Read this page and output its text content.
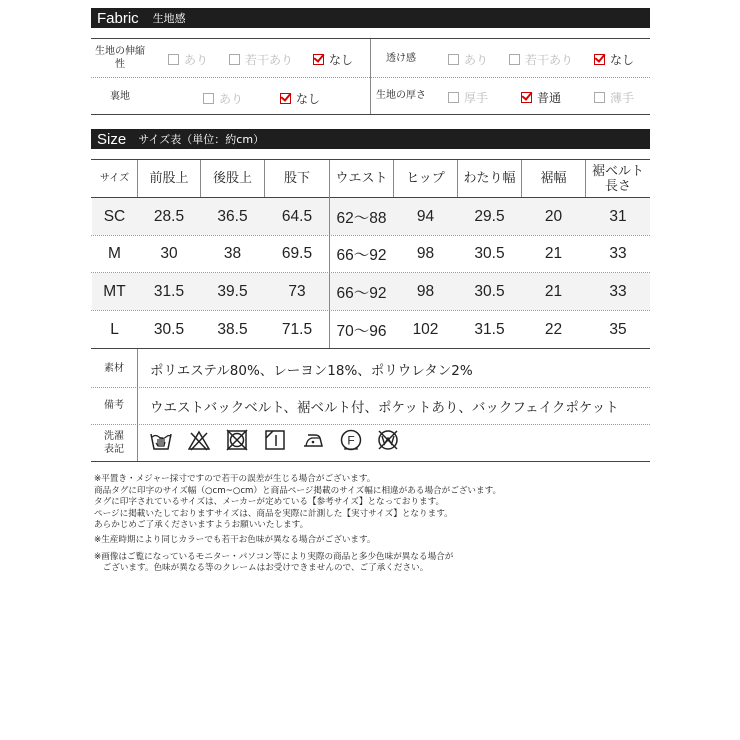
Fabric 生地感
生地の伸縮性	あり	若干あり	なし	透け感	あり	若干あり	なし
裏地	あり	なし	生地の厚さ	厚手	普通	薄手
Size サイズ表（単位：約cm）
サイズ	前股上	後股上	股下	ウエスト	ヒップ	わたり幅	裾幅	裾ベルト
長さ
SC	28.5	36.5	64.5	62～88	94	29.5	20	31
M	30	38	69.5	66～92	98	30.5	21	33
MT	31.5	39.5	73	66～92	98	30.5	21	33
L	30.5	38.5	71.5	70～96	102	31.5	22	35
素材	ポリエステル80%、レーヨン18%、ポリウレタン2%
備考	ウエストバックベルト、裾ベルト付、ポケットあり、バックフェイクポケット
洗濯
表記
F
※平置き・メジャー採寸ですので若干の誤差が生じる場合がございます。
商品タグに印字のサイズ幅（○cm~○cm）と商品ページ掲載のサイズ幅に相違がある場合がございます。
タグに印字されているサイズは、メーカーが定めている【参考サイズ】となっております。
ページに掲載いたしておりますサイズは、商品を実際に計測した【実寸サイズ】となります。
あらかじめご了承くださいますようお願いいたします。
※生産時期により同じカラーでも若干お色味が異なる場合がございます。
※画像はご覧になっているモニター・パソコン等により実際の商品と多少色味が異なる場合が
　ございます。色味が異なる等のクレームはお受けできませんので、ご了承ください。
